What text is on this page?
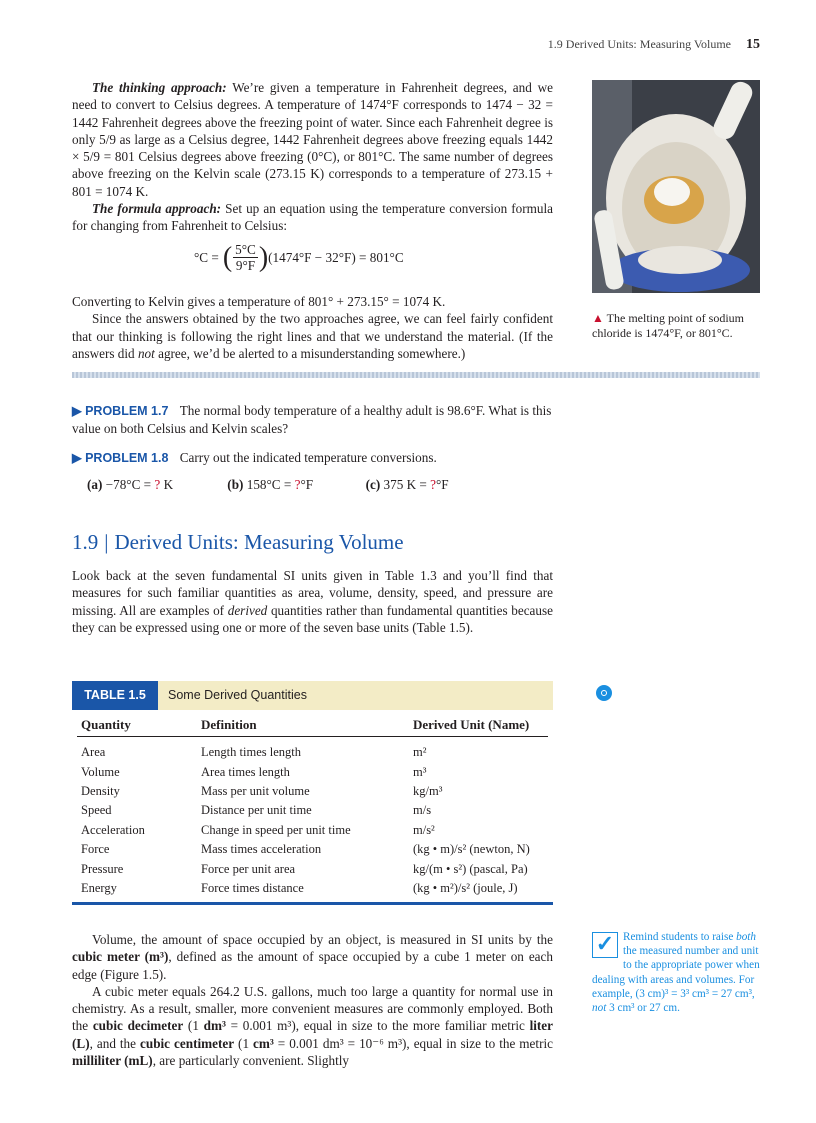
1.9 Derived Units: Measuring Volume 15

The thinking approach: We’re given a temperature in Fahrenheit degrees, and we need to convert to Celsius degrees. A temperature of 1474°F corresponds to 1474 − 32 = 1442 Fahrenheit degrees above the freezing point of water. Since each Fahrenheit degree is only 5/9 as large as a Celsius degree, 1442 Fahrenheit degrees above freezing equals 1442 × 5/9 = 801 Celsius degrees above freezing (0°C), or 801°C. The same number of degrees above freezing on the Kelvin scale (273.15 K) corresponds to a temperature of 273.15 + 801 = 1074 K.

The formula approach: Set up an equation using the temperature conversion formula for changing from Fahrenheit to Celsius:

°C = ( $\frac{5^\circ C}{9^\circ F}$ ) (1474°F − 32°F) = 801°C

Converting to Kelvin gives a temperature of 801° + 273.15° = 1074 K.

Since the answers obtained by the two approaches agree, we can feel fairly confident that our thinking is following the right lines and that we understand the material. (If the answers did not agree, we’d be alerted to a misunderstanding somewhere.)

▲ The melting point of sodium chloride is 1474°F, or 801°C.
▶ PROBLEM 1.7 The normal body temperature of a healthy adult is 98.6°F. What is this value on both Celsius and Kelvin scales?
▶ PROBLEM 1.8 Carry out the indicated temperature conversions.
(a) −78°C = ? K	(b) 158°C = ?°F	(c) 375 K = ?°F
1.9 | Derived Units: Measuring Volume

Look back at the seven fundamental SI units given in Table 1.3 and you’ll find that measures for such familiar quantities as area, volume, density, speed, and pressure are missing. All are examples of derived quantities rather than fundamental quantities because they can be expressed using one or more of the seven base units (Table 1.5).

TABLE 1.5	Some Derived Quantities
Quantity	Definition	Derived Unit (Name)
Area	Length times length	m²
Volume	Area times length	m³
Density	Mass per unit volume	kg/m³
Speed	Distance per unit time	m/s
Acceleration	Change in speed per unit time	m/s²
Force	Mass times acceleration	(kg • m)/s² (newton, N)
Pressure	Force per unit area	kg/(m • s²) (pascal, Pa)
Energy	Force times distance	(kg • m²)/s² (joule, J)

Volume, the amount of space occupied by an object, is measured in SI units by the cubic meter (m³), defined as the amount of space occupied by a cube 1 meter on each edge (Figure 1.5).

A cubic meter equals 264.2 U.S. gallons, much too large a quantity for normal use in chemistry. As a result, smaller, more convenient measures are commonly employed. Both the cubic decimeter (1 dm³ = 0.001 m³), equal in size to the more familiar metric liter (L), and the cubic centimeter (1 cm³ = 0.001 dm³ = 10⁻⁶ m³), equal in size to the metric milliliter (mL), are particularly convenient. Slightly

✓ Remind students to raise both the measured number and unit to the appropriate power when dealing with areas and volumes. For example, (3 cm)³ = 3³ cm³ = 27 cm³, not 3 cm³ or 27 cm.
